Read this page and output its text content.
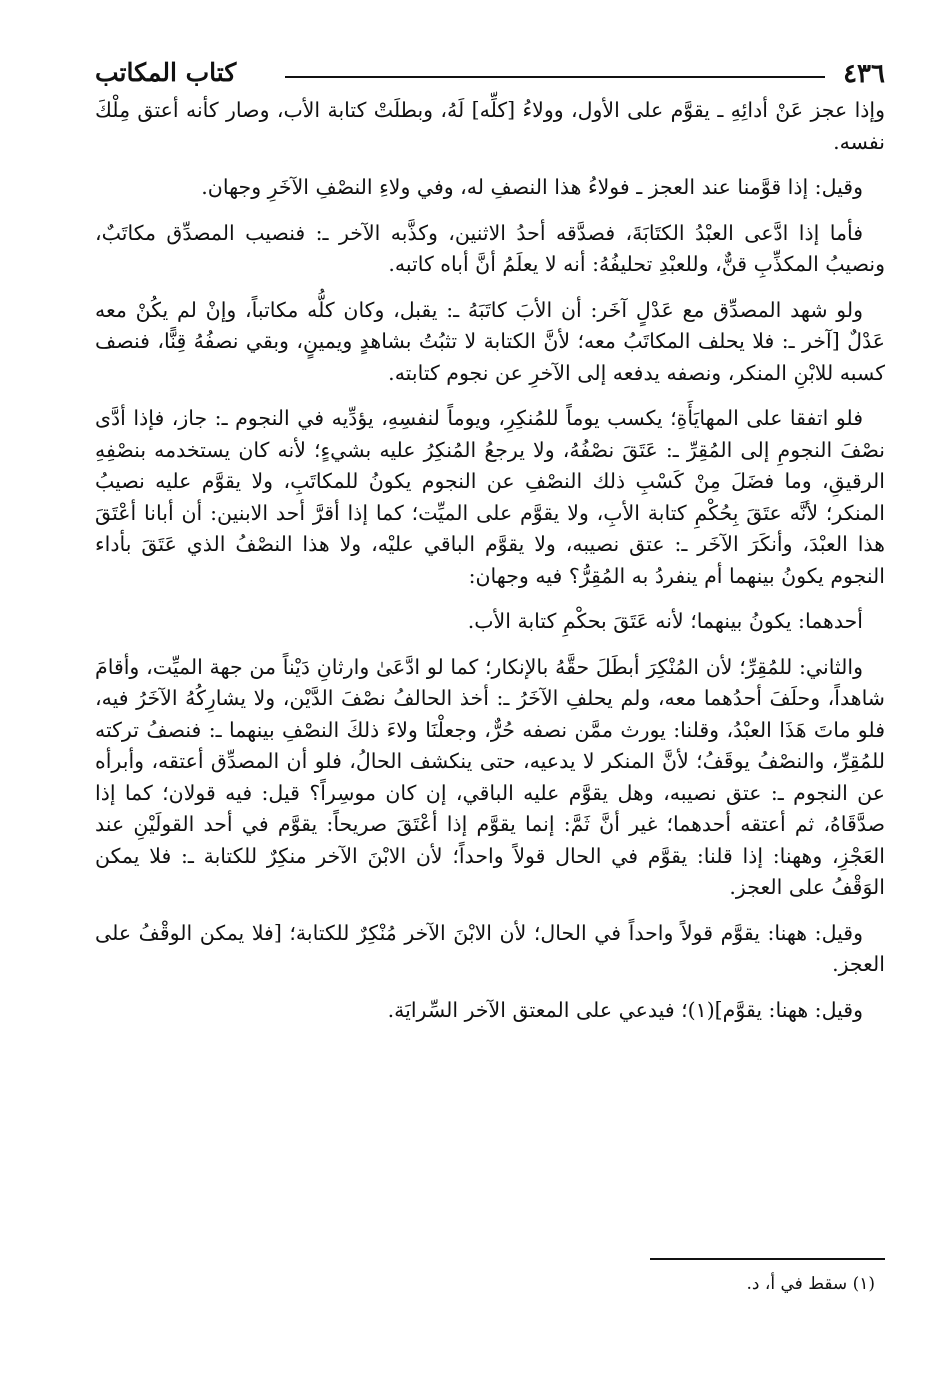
٤٣٦
كتاب المكاتب

وإذا عجز عَنْ أدائِهِ ـ يقوَّم على الأول، وولاءُ [كلِّه] لَهُ، وبطلَتْ كتابة الأب، وصار كأنه أعتق مِلْكَ نفسه.

وقيل: إذا قوَّمنا عند العجز ـ فولاءُ هذا النصفِ له، وفي ولاءِ النصْفِ الآخَرِ وجهان.

فأما إذا ادَّعى العبْدُ الكتَابَةَ، فصدَّقه أحدُ الاثنين، وكذَّبه الآخر ـ: فنصيب المصدِّق مكاتَبٌ، ونصيبُ المكذِّبِ قنٌّ، وللعبْدِ تحليفُهُ: أنه لا يعلَمُ أنَّ أباه كاتبه.

ولو شهد المصدِّق مع عَدْلٍ آخَر: أن الأبَ كاتَبَهُ ـ: يقبل، وكان كلُّه مكاتباً، وإنْ لم يكُنْ معه عَدْلٌ [آخر ـ: فلا يحلف المكاتَبُ معه؛ لأنَّ الكتابة لا تثبُتُ بشاهدٍ ويمينٍ، وبقي نصفُهُ قِنًّا، فنصف كسبه للابْنِ المنكر، ونصفه يدفعه إلى الآخرِ عن نجوم كتابته.

فلو اتفقا على المهايَأَةِ؛ يكسب يوماً للمُنكِرِ، ويوماً لنفسِهِ، يؤدِّيه في النجوم ـ: جاز، فإذا أدَّى نصْفَ النجومِ إلى المُقِرِّ ـ: عَتَقَ نصْفُهُ، ولا يرجعُ المُنكِرُ عليه بشيءٍ؛ لأنه كان يستخدمه بنصْفِهِ الرقيقِ، وما فضَلَ مِنْ كَسْبِ ذلك النصْفِ عن النجوم يكونُ للمكاتَبِ، ولا يقوَّم عليه نصيبُ المنكر؛ لأنَّه عتَقَ بِحُكْمِ كتابة الأبِ، ولا يقوَّم على الميِّت؛ كما إذا أقرَّ أحد الابنين: أن أبانا أعْتَقَ هذا العبْدَ، وأنكَرَ الآخَر ـ: عتق نصيبه، ولا يقوَّم الباقي عليْه، ولا هذا النصْفُ الذي عَتَقَ بأداء النجوم يكونُ بينهما أم ينفردُ به المُقِرُّ؟ فيه وجهان:

أحدهما: يكونُ بينهما؛ لأنه عَتَقَ بحكْمِ كتابة الأب.

والثاني: للمُقِرِّ؛ لأن المُنْكِرَ أبطَلَ حقَّهُ بالإنكار؛ كما لو ادَّعَىٰ وارثانِ دَيْناً من جهة الميِّت، وأقامَ شاهداً، وحلَفَ أحدُهما معه، ولم يحلفِ الآخَرُ ـ: أخذ الحالفُ نصْفَ الدَّيْن، ولا يشارِكُهُ الآخَرُ فيه، فلو ماتَ هَذَا العبْدُ، وقلنا: يورث ممَّن نصفه حُرٌّ، وجعلْنَا ولاءَ ذلكَ النصْفِ بينهما ـ: فنصفُ تركته للمُقِرِّ، والنصْفُ يوقَفُ؛ لأنَّ المنكر لا يدعيه، حتى ينكشف الحالُ، فلو أن المصدِّق أعتقه، وأبرأه عن النجوم ـ: عتق نصيبه، وهل يقوَّم عليه الباقي، إن كان موسِراً؟ قيل: فيه قولان؛ كما إذا صدَّقَاهُ، ثم أعتقه أحدهما؛ غير أنَّ ثَمَّ: إنما يقوَّم إذا أعْتَقَ صريحاً: يقوَّم في أحد القولَيْنِ عند العَجْزِ، وههنا: إذا قلنا: يقوَّم في الحال قولاً واحداً؛ لأن الابْنَ الآخر منكِرٌ للكتابة ـ: فلا يمكن الوَقْفُ على العجز.

وقيل: ههنا: يقوَّم قولاً واحداً في الحال؛ لأن الابْنَ الآخر مُنْكِرٌ للكتابة؛ [فلا يمكن الوقْفُ على العجز.

وقيل: ههنا: يقوَّم](١)؛ فيدعي على المعتق الآخر السِّرايَة.

(١) سقط في أ، د.
